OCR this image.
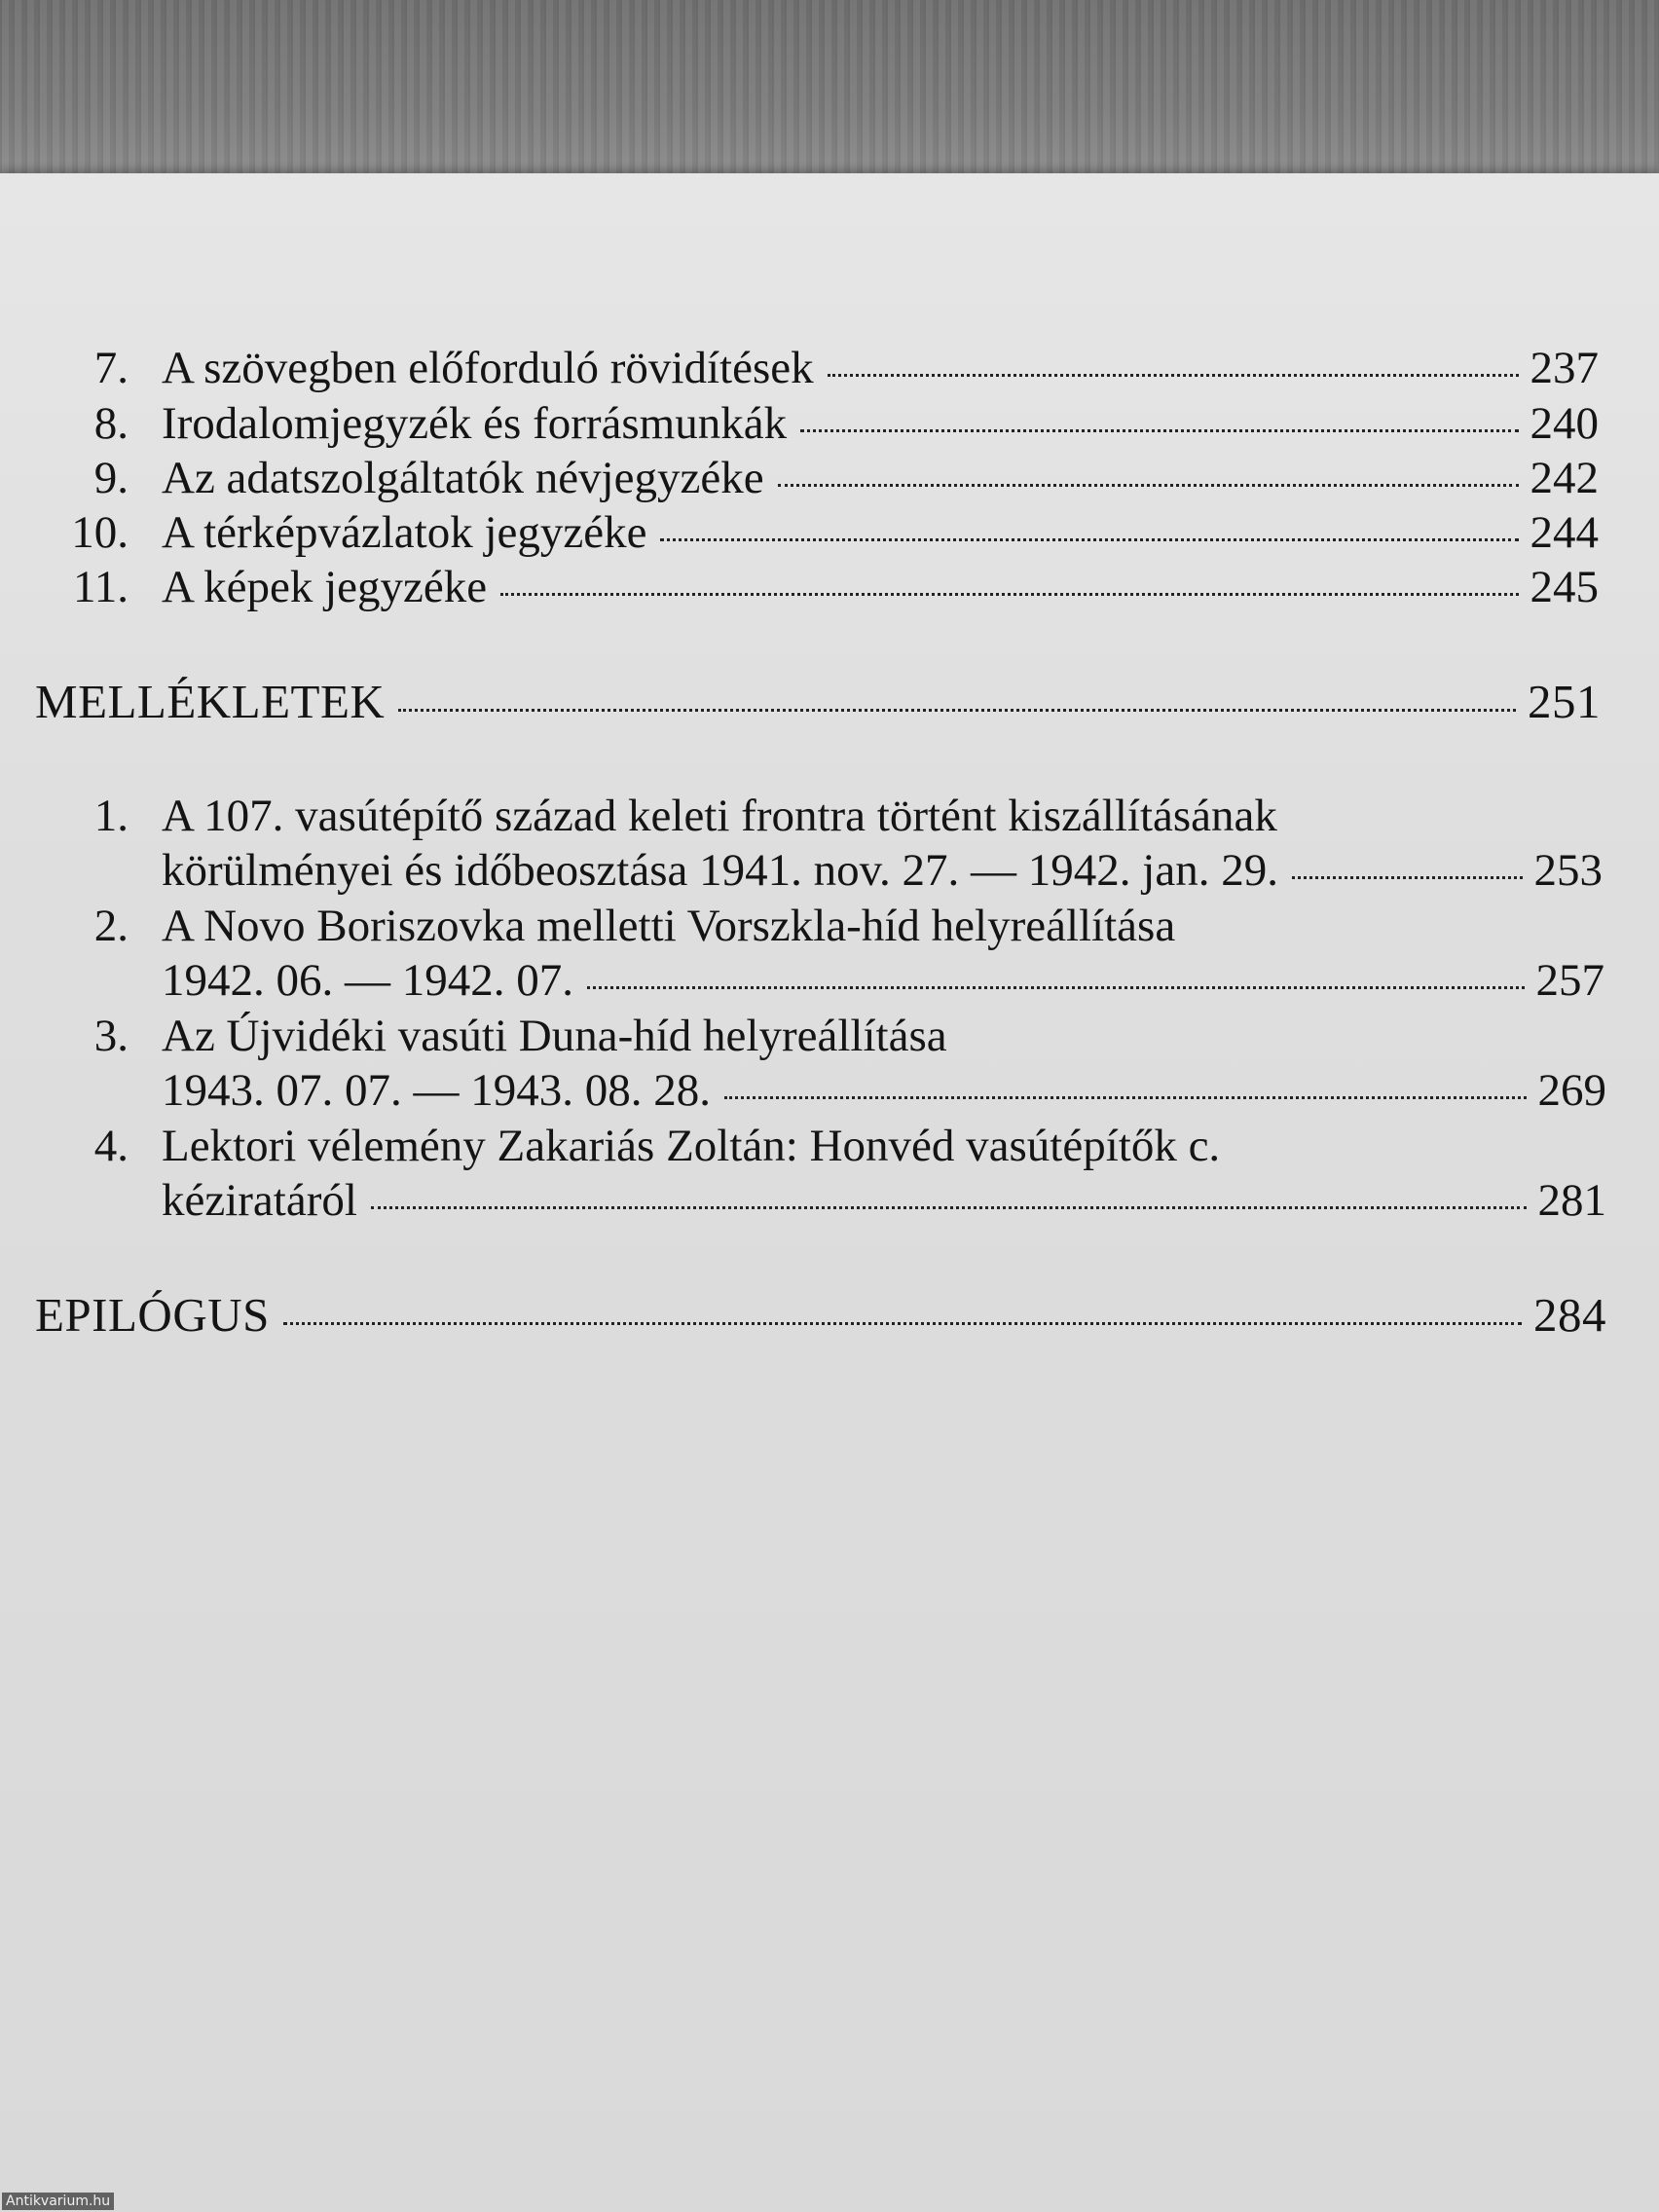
7. A szövegben előforduló rövidítések	237
8. Irodalomjegyzék és forrásmunkák	240
9. Az adatszolgáltatók névjegyzéke	242
10. A térképvázlatok jegyzéke	244
11. A képek jegyzéke	245
MELLÉKLETEK	251
1. A 107. vasútépítő század keleti frontra történt kiszállításának
körülményei és időbeosztása 1941. nov. 27. — 1942. jan. 29.	253
2. A Novo Boriszovka melletti Vorszkla-híd helyreállítása
1942. 06. — 1942. 07.	257
3. Az Újvidéki vasúti Duna-híd helyreállítása
1943. 07. 07. — 1943. 08. 28.	269
4. Lektori vélemény Zakariás Zoltán: Honvéd vasútépítők c.
kéziratáról	281
EPILÓGUS	284
Antikvarium.hu
